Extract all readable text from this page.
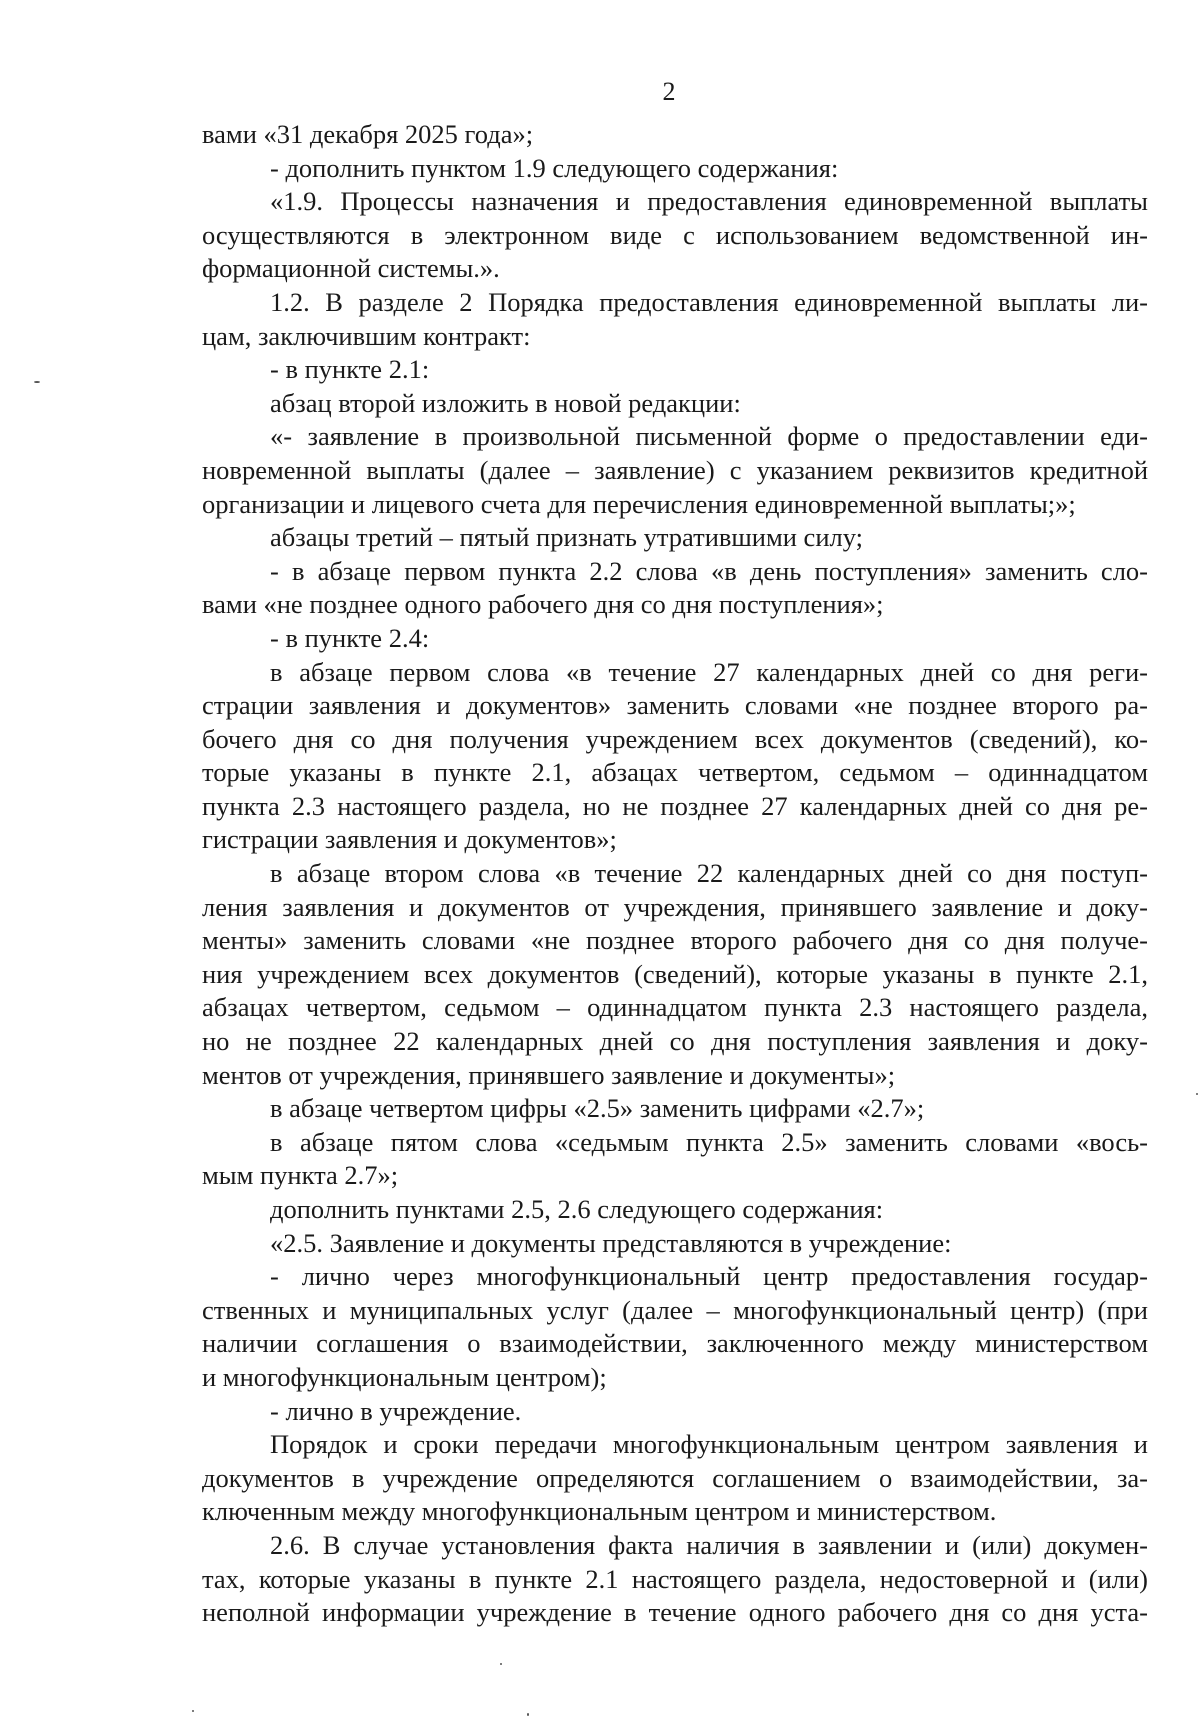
2
вами «31 декабря 2025 года»;
- дополнить пунктом 1.9 следующего содержания:
«1.9. Процессы назначения и предоставления единовременной выплаты
осуществляются в электронном виде с использованием ведомственной ин-
формационной системы.».
1.2. В разделе 2 Порядка предоставления единовременной выплаты ли-
цам, заключившим контракт:
- в пункте 2.1:
абзац второй изложить в новой редакции:
«- заявление в произвольной письменной форме о предоставлении еди-
новременной выплаты (далее – заявление) с указанием реквизитов кредитной
организации и лицевого счета для перечисления единовременной выплаты;»;
абзацы третий – пятый признать утратившими силу;
- в абзаце первом пункта 2.2 слова «в день поступления» заменить сло-
вами «не позднее одного рабочего дня со дня поступления»;
- в пункте 2.4:
в абзаце первом слова «в течение 27 календарных дней со дня реги-
страции заявления и документов» заменить словами «не позднее второго ра-
бочего дня со дня получения учреждением всех документов (сведений), ко-
торые указаны в пункте 2.1, абзацах четвертом, седьмом – одиннадцатом
пункта 2.3 настоящего раздела, но не позднее 27 календарных дней со дня ре-
гистрации заявления и документов»;
в абзаце втором слова «в течение 22 календарных дней со дня поступ-
ления заявления и документов от учреждения, принявшего заявление и доку-
менты» заменить словами «не позднее второго рабочего дня со дня получе-
ния учреждением всех документов (сведений), которые указаны в пункте 2.1,
абзацах четвертом, седьмом – одиннадцатом пункта 2.3 настоящего раздела,
но не позднее 22 календарных дней со дня поступления заявления и доку-
ментов от учреждения, принявшего заявление и документы»;
в абзаце четвертом цифры «2.5» заменить цифрами «2.7»;
в абзаце пятом слова «седьмым пункта 2.5» заменить словами «вось-
мым пункта 2.7»;
дополнить пунктами 2.5, 2.6 следующего содержания:
«2.5. Заявление и документы представляются в учреждение:
- лично через многофункциональный центр предоставления государ-
ственных и муниципальных услуг (далее – многофункциональный центр) (при
наличии соглашения о взаимодействии, заключенного между министерством
и многофункциональным центром);
- лично в учреждение.
Порядок и сроки передачи многофункциональным центром заявления и
документов в учреждение определяются соглашением о взаимодействии, за-
ключенным между многофункциональным центром и министерством.
2.6. В случае установления факта наличия в заявлении и (или) докумен-
тах, которые указаны в пункте 2.1 настоящего раздела, недостоверной и (или)
неполной информации учреждение в течение одного рабочего дня со дня уста-
